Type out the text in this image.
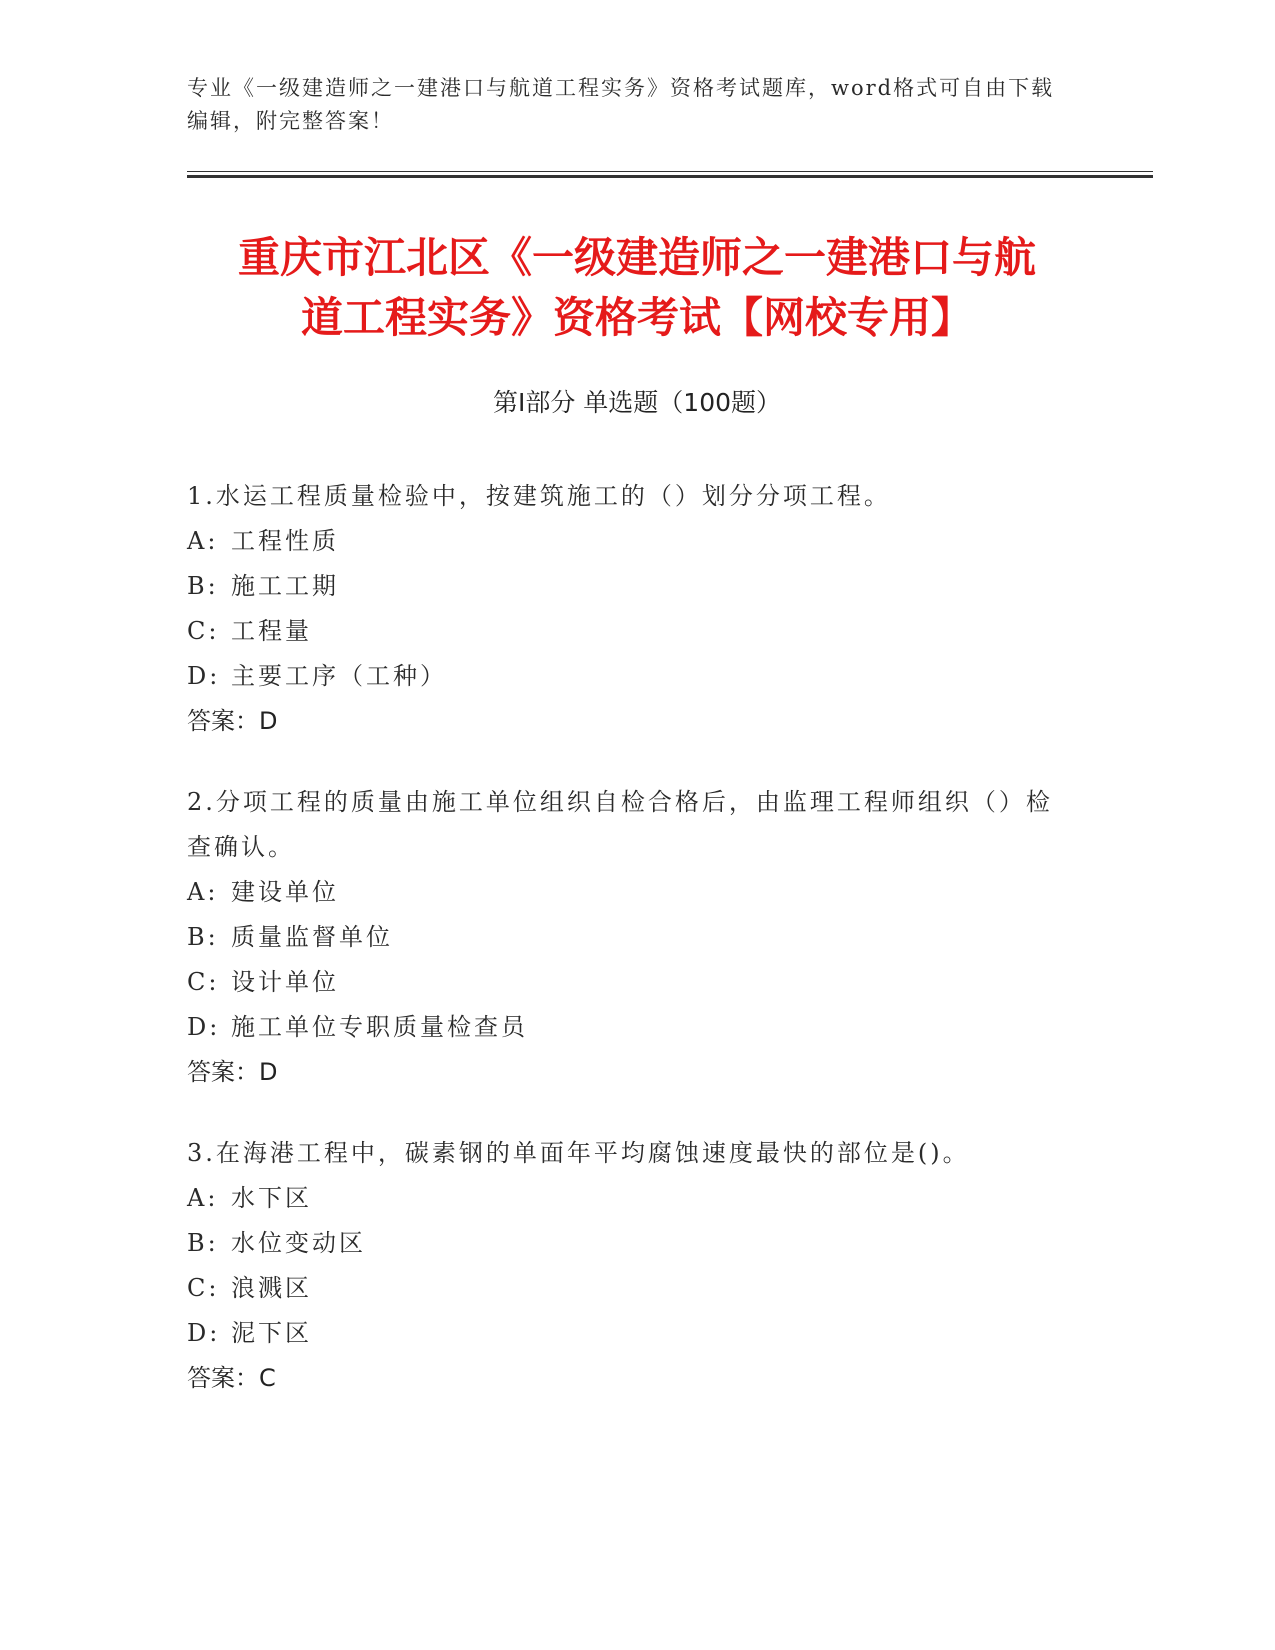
专业《一级建造师之一建港口与航道工程实务》资格考试题库，word格式可自由下载编辑，附完整答案！
重庆市江北区《一级建造师之一建港口与航
道工程实务》资格考试【网校专用】
第Ⅰ部分 单选题（100题）
1.水运工程质量检验中，按建筑施工的（）划分分项工程。
A: 工程性质
B: 施工工期
C: 工程量
D: 主要工序（工种）
答案：D
2.分项工程的质量由施工单位组织自检合格后，由监理工程师组织（）检查确认。
A: 建设单位
B: 质量监督单位
C: 设计单位
D: 施工单位专职质量检查员
答案：D
3.在海港工程中，碳素钢的单面年平均腐蚀速度最快的部位是()。
A: 水下区
B: 水位变动区
C: 浪溅区
D: 泥下区
答案：C
